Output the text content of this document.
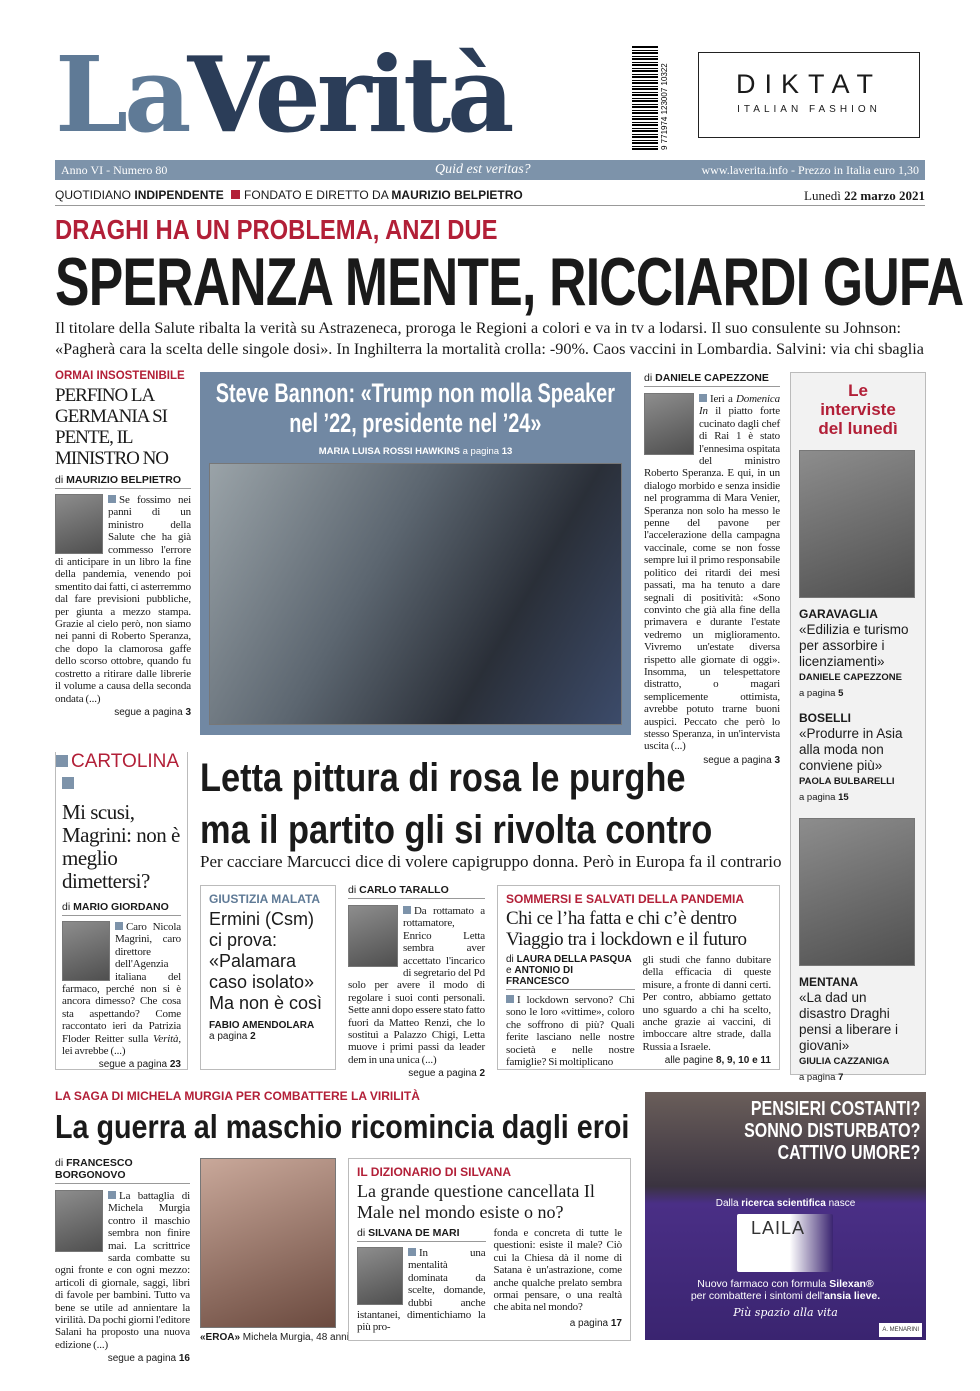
LaVerità	9 771974 123007 10322	DIKTAT
ITALIAN FASHION
Anno VI - Numero 80	Quid est veritas?	www.laverita.info - Prezzo in Italia euro 1,30
QUOTIDIANO INDIPENDENTE FONDATO E DIRETTO DA MAURIZIO BELPIETRO	Lunedì 22 marzo 2021
DRAGHI HA UN PROBLEMA, ANZI DUE
SPERANZA MENTE, RICCIARDI GUFA
Il titolare della Salute ribalta la verità su Astrazeneca, proroga le Regioni a colori e va in tv a lodarsi. Il suo consulente su Johnson: «Pagherà cara la scelta delle singole dosi». In Inghilterra la mortalità crolla: -90%. Caos vaccini in Lombardia. Salvini: via chi sbaglia
ORMAI INSOSTENIBILE
PERFINO LA GERMANIA SI PENTE, IL MINISTRO NO
di MAURIZIO BELPIETRO
Se fossimo nei panni di un ministro della Salute che ha già commesso l'errore di anticipare in un libro la fine della pandemia, venendo poi smentito dai fatti, ci asterremmo dal fare previsioni pubbliche, per giunta a mezzo stampa. Grazie al cielo però, non siamo nei panni di Roberto Speranza, che dopo la clamorosa gaffe dello scorso ottobre, quando fu costretto a ritirare dalle librerie il volume a causa della seconda ondata (...)
segue a pagina 3
Steve Bannon: «Trump non molla Speaker nel ’22, presidente nel ’24»
MARIA LUISA ROSSI HAWKINS a pagina 13
di DANIELE CAPEZZONE
Ieri a Domenica In il piatto forte cucinato dagli chef di Rai 1 è stato l'ennesima ospitata del ministro Roberto Speranza. E qui, in un dialogo morbido e senza insidie nel programma di Mara Venier, Speranza non solo ha messo le penne del pavone per l'accelerazione della campagna vaccinale, come se non fosse sempre lui il primo responsabile politico dei ritardi dei mesi passati, ma ha tenuto a dare segnali di positività: «Sono convinto che già alla fine della primavera e durante l'estate vedremo un miglioramento. Vivremo un'estate diversa rispetto alle giornate di oggi». Insomma, un telespettatore distratto, o magari semplicemente ottimista, avrebbe potuto trarne buoni auspici. Peccato che però lo stesso Speranza, in un'intervista uscita (...)
segue a pagina 3
Le interviste del lunedì
GARAVAGLIA
«Edilizia e turismo per assorbire i licenziamenti»
DANIELE CAPEZZONE
a pagina 5
BOSELLI
«Produrre in Asia alla moda non conviene più»
PAOLA BULBARELLI
a pagina 15
MENTANA
«La dad un disastro Draghi pensi a liberare i giovani»
GIULIA CAZZANIGA
a pagina 7
CARTOLINA
Mi scusi, Magrini: non è meglio dimettersi?
di MARIO GIORDANO
Caro Nicola Magrini, caro direttore dell'Agenzia italiana del farmaco, perché non si è ancora dimesso? Che cosa sta aspettando? Come raccontato ieri da Patrizia Floder Reitter sulla Verità, lei avrebbe (...)
segue a pagina 23
Letta pittura di rosa le purghe
ma il partito gli si rivolta contro
Per cacciare Marcucci dice di volere capigruppo donna. Però in Europa fa il contrario
GIUSTIZIA MALATA
Ermini (Csm) ci prova: «Palamara caso isolato» Ma non è così
FABIO AMENDOLARA
a pagina 2
di CARLO TARALLO
Da rottamato a rottamatore, Enrico Letta sembra aver accettato l'incarico di segretario del Pd solo per avere il modo di regolare i suoi conti personali. Sette anni dopo essere stato fatto fuori da Matteo Renzi, che lo sostituì a Palazzo Chigi, Letta muove i primi passi da leader dem in una unica (...)
segue a pagina 2
SOMMERSI E SALVATI DELLA PANDEMIA
Chi ce l’ha fatta e chi c’è dentro
Viaggio tra i lockdown e il futuro
di LAURA DELLA PASQUA
e ANTONIO DI FRANCESCO
I lockdown servono? Chi sono le loro «vittime», coloro che soffrono di più? Quali ferite lasciano nelle nostre società e nelle nostre famiglie? Si moltiplicano
gli studi che fanno dubitare della efficacia di queste misure, a fronte di danni certi. Per contro, abbiamo gettato uno sguardo a chi ha scelto, anche grazie ai vaccini, di imboccare altre strade, dalla Russia a Israele.
alle pagine 8, 9, 10 e 11
LA SAGA DI MICHELA MURGIA PER COMBATTERE LA VIRILITÀ
La guerra al maschio ricomincia dagli eroi
di FRANCESCO BORGONOVO
La battaglia di Michela Murgia contro il maschio sembra non finire mai. La scrittrice sarda combatte su ogni fronte e con ogni mezzo: articoli di giornale, saggi, libri di favole per bambini. Tutto va bene se utile ad annientare la virilità. Da pochi giorni l'editore Salani ha proposto una nuova edizione (...)
segue a pagina 16
«EROA» Michela Murgia, 48 anni
IL DIZIONARIO DI SILVANA
La grande questione cancellata Il Male nel mondo esiste o no?
di SILVANA DE MARI
In una mentalità dominata da scelte, domande, dubbi anche istantanei, dimentichiamo la più pro-
fonda e concreta di tutte le questioni: esiste il male? Ciò cui la Chiesa dà il nome di Satana è un'astrazione, come anche qualche prelato sembra ormai pensare, o una realtà che abita nel mondo?
a pagina 17
PENSIERI COSTANTI?
SONNO DISTURBATO?
CATTIVO UMORE?
Dalla ricerca scientifica nasce
LAILA
Nuovo farmaco con formula Silexan®
per combattere i sintomi dell'ansia lieve.
Più spazio alla vita
A. MENARINI
